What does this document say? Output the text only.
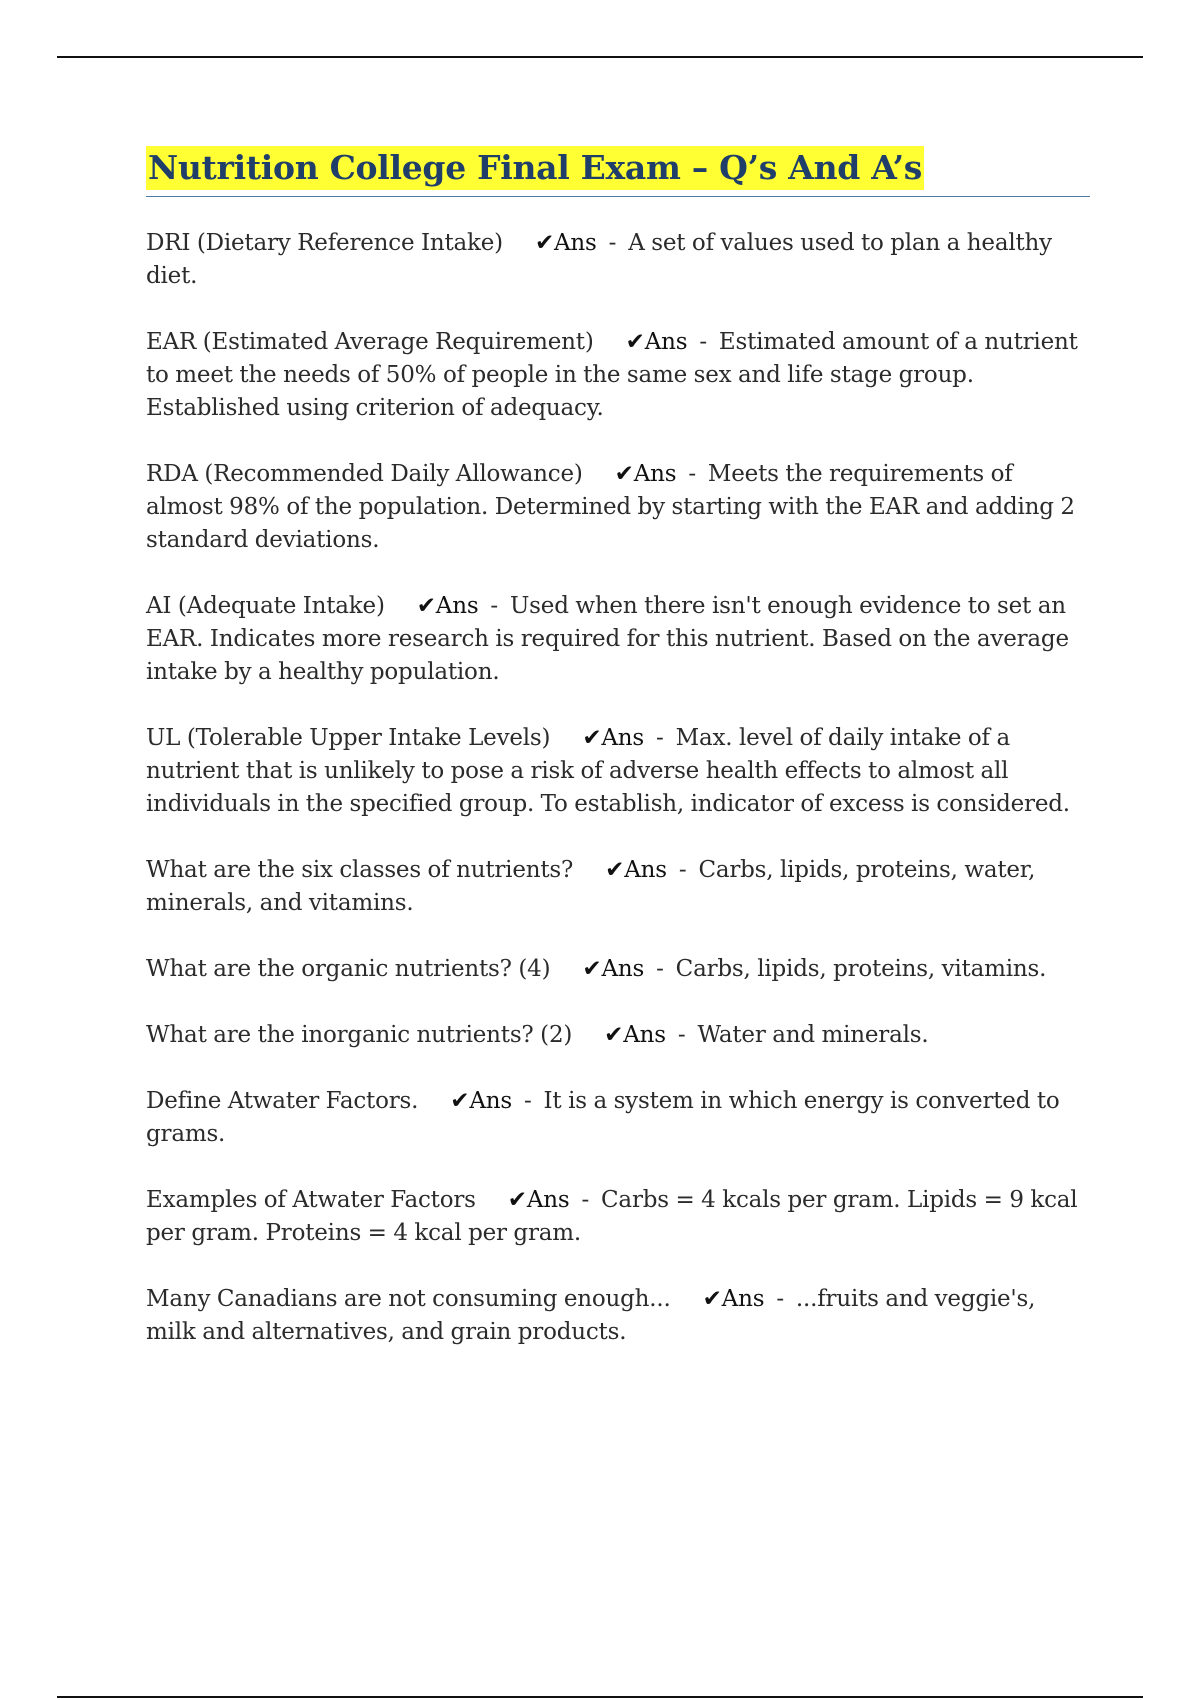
Nutrition College Final Exam – Q’s And A’s

DRI (Dietary Reference Intake) ✔Ans - A set of values used to plan a healthy diet.

EAR (Estimated Average Requirement) ✔Ans - Estimated amount of a nutrient to meet the needs of 50% of people in the same sex and life stage group. Established using criterion of adequacy.

RDA (Recommended Daily Allowance) ✔Ans - Meets the requirements of almost 98% of the population. Determined by starting with the EAR and adding 2 standard deviations.

AI (Adequate Intake) ✔Ans - Used when there isn't enough evidence to set an EAR. Indicates more research is required for this nutrient. Based on the average intake by a healthy population.

UL (Tolerable Upper Intake Levels) ✔Ans - Max. level of daily intake of a nutrient that is unlikely to pose a risk of adverse health effects to almost all individuals in the specified group. To establish, indicator of excess is considered.

What are the six classes of nutrients? ✔Ans - Carbs, lipids, proteins, water, minerals, and vitamins.

What are the organic nutrients? (4) ✔Ans - Carbs, lipids, proteins, vitamins.

What are the inorganic nutrients? (2) ✔Ans - Water and minerals.

Define Atwater Factors. ✔Ans - It is a system in which energy is converted to grams.

Examples of Atwater Factors ✔Ans - Carbs = 4 kcals per gram. Lipids = 9 kcal per gram. Proteins = 4 kcal per gram.

Many Canadians are not consuming enough... ✔Ans - ...fruits and veggie's, milk and alternatives, and grain products.
